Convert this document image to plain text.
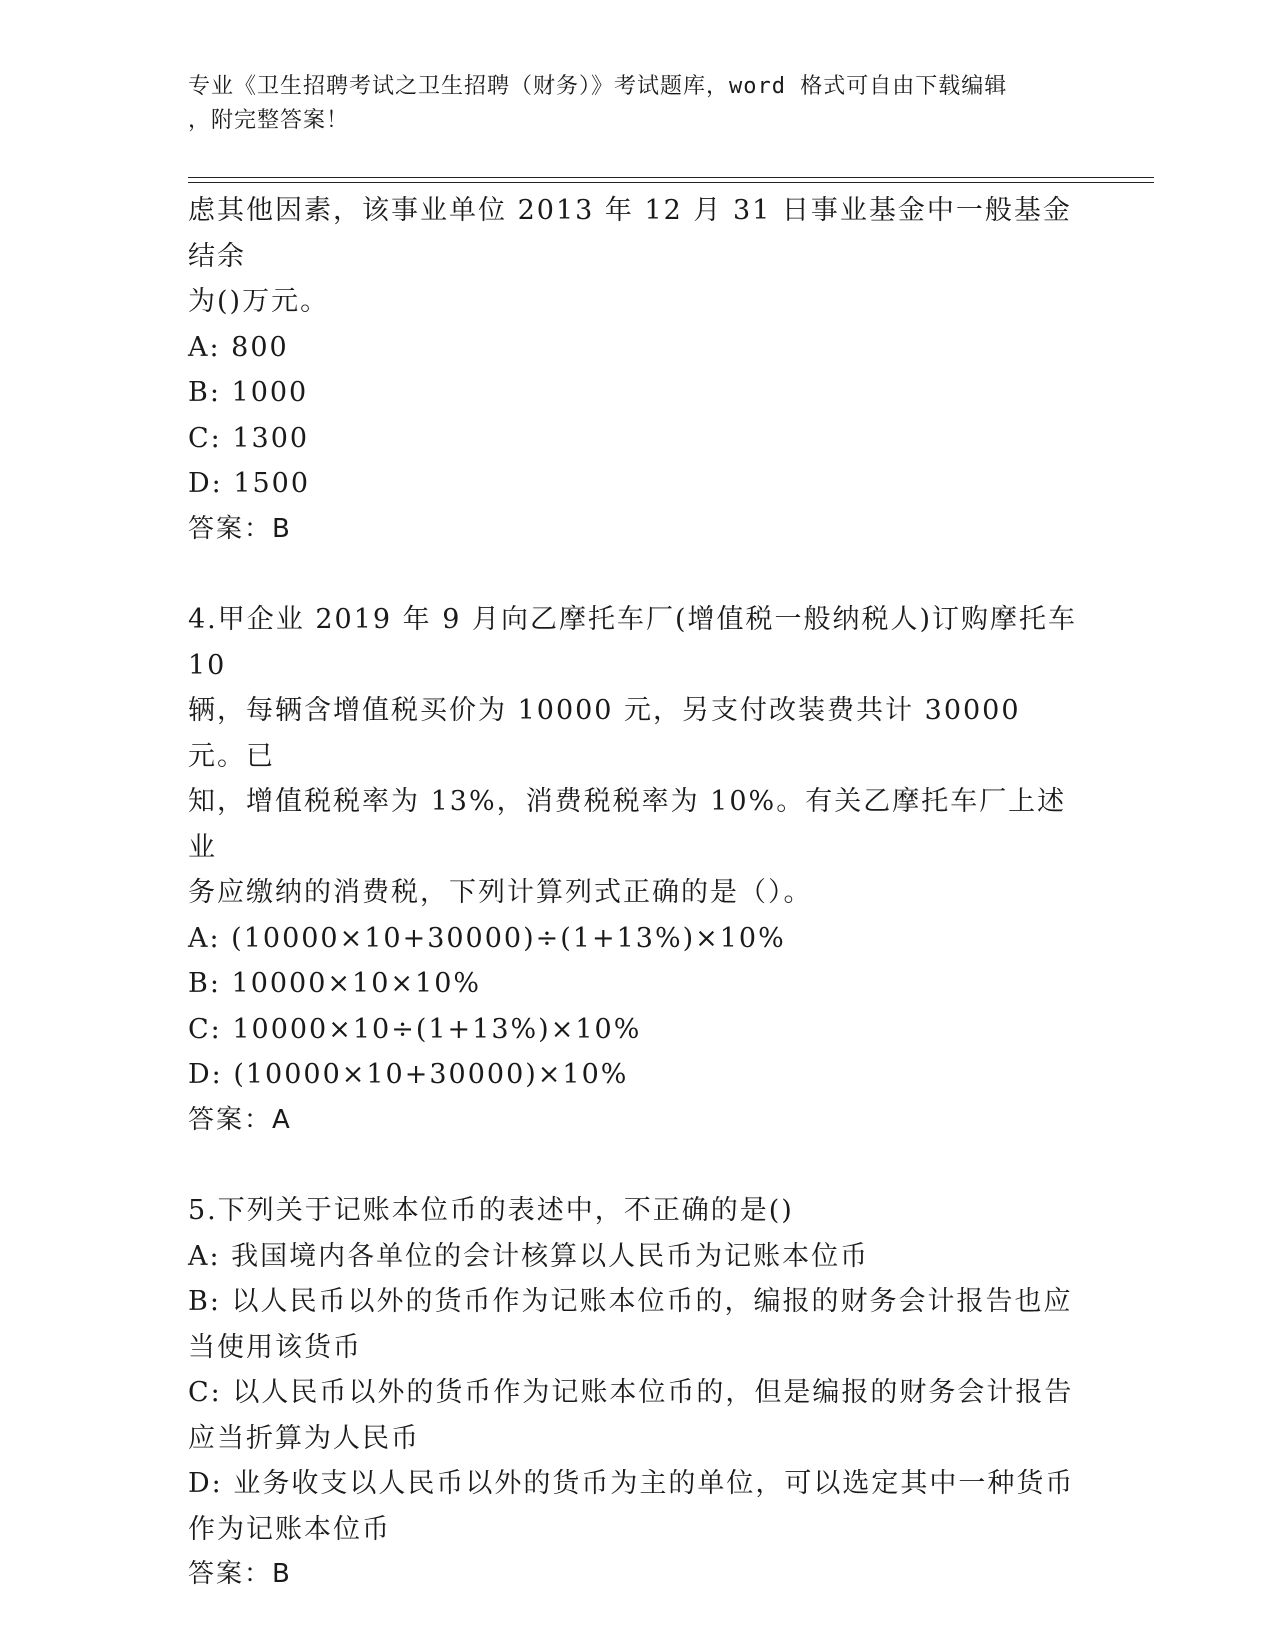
专业《卫生招聘考试之卫生招聘（财务）》考试题库，word 格式可自由下载编辑
，附完整答案！

虑其他因素，该事业单位 2013 年 12 月 31 日事业基金中一般基金结余

为()万元。

A: 800

B: 1000

C: 1300

D: 1500

答案：B

4.甲企业 2019 年 9 月向乙摩托车厂(增值税一般纳税人)订购摩托车 10

辆，每辆含增值税买价为 10000 元，另支付改装费共计 30000 元。已

知，增值税税率为 13%，消费税税率为 10%。有关乙摩托车厂上述业

务应缴纳的消费税，下列计算列式正确的是（）。

A: (10000×10+30000)÷(1+13%)×10%

B: 10000×10×10%

C: 10000×10÷(1+13%)×10%

D: (10000×10+30000)×10%

答案：A

5.下列关于记账本位币的表述中，不正确的是()

A: 我国境内各单位的会计核算以人民币为记账本位币

B: 以人民币以外的货币作为记账本位币的，编报的财务会计报告也应

当使用该货币

C: 以人民币以外的货币作为记账本位币的，但是编报的财务会计报告

应当折算为人民币

D: 业务收支以人民币以外的货币为主的单位，可以选定其中一种货币

作为记账本位币

答案：B
